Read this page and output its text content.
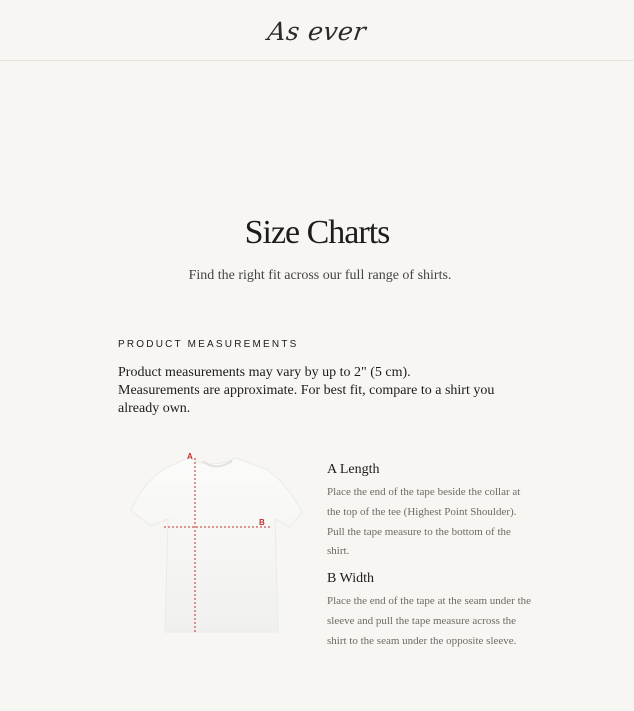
As ever
Size Charts

Find the right fit across our full range of shirts.

PRODUCT MEASUREMENTS

Product measurements may vary by up to 2" (5 cm).

Measurements are approximate. For best fit, compare to a shirt you already own.

A
B

A Length

Place the end of the tape beside the collar at the top of the tee (Highest Point Shoulder). Pull the tape measure to the bottom of the shirt.

B Width

Place the end of the tape at the seam under the sleeve and pull the tape measure across the shirt to the seam under the opposite sleeve.
